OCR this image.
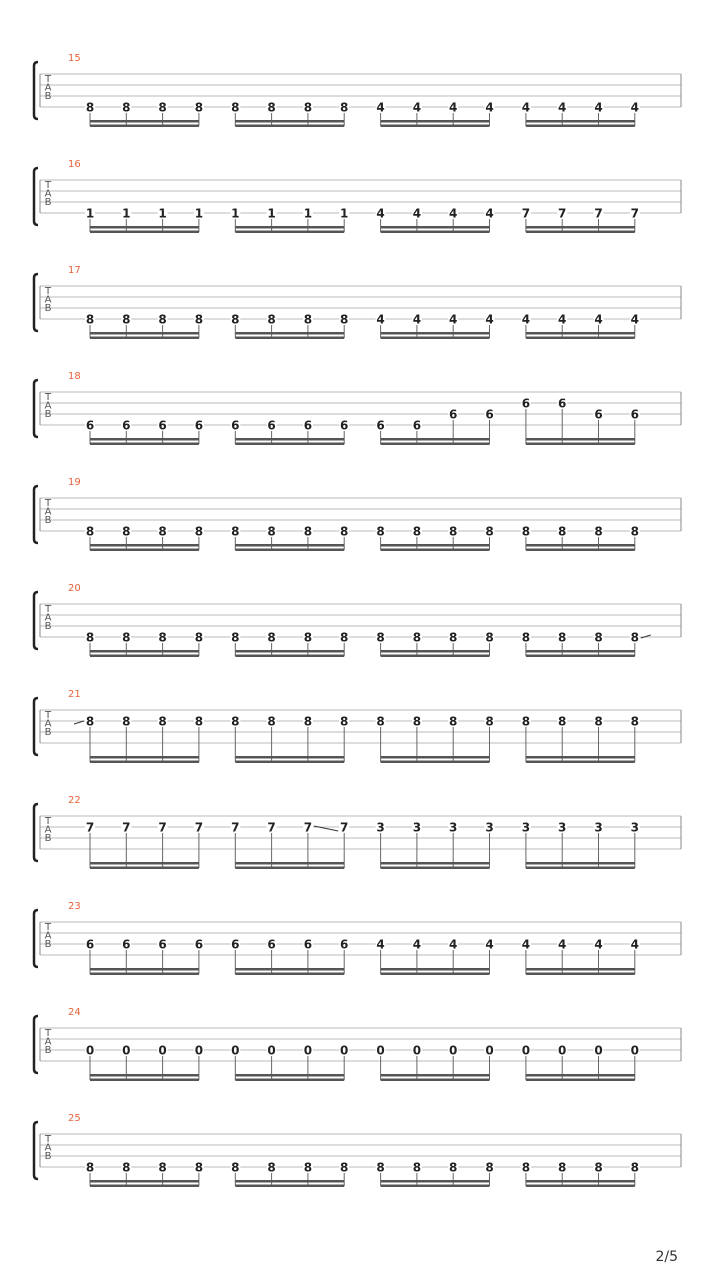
T
A
B
15
8 8 8 8 8 8 8 8 4 4 4 4 4 4 4 4
T
A
B
16
1 1 1 1 1 1 1 1 4 4 4 4 7 7 7 7
T
A
B
17
8 8 8 8 8 8 8 8 4 4 4 4 4 4 4 4
T
A
B
18
6 6 6 6 6 6 6 6 6 6
6 6
6 6
6 6
T
A
B
19
8 8 8 8 8 8 8 8 8 8 8 8 8 8 8 8
T
A
B
20
8 8 8 8 8 8 8 8 8 8 8 8 8 8 8 8
T
A
B
21
8 8 8 8 8 8 8 8 8 8 8 8 8 8 8 8
T
A
B
22
7 7 7 7 7 7 7 7 3 3 3 3 3 3 3 3
T
A
B
23
6 6 6 6 6 6 6 6 4 4 4 4 4 4 4 4
T
A
B
24
0 0 0 0 0 0 0 0 0 0 0 0 0 0 0 0
T
A
B
25
8 8 8 8 8 8 8 8 8 8 8 8 8 8 8 8
2/5
